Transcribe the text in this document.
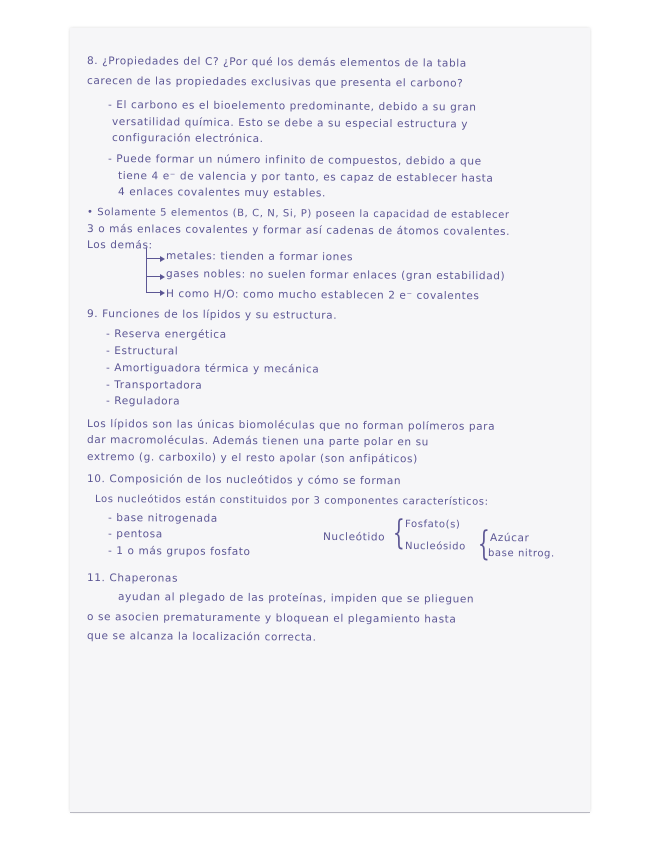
8. ¿Propiedades del C? ¿Por qué los demás elementos de la tabla
carecen de las propiedades exclusivas que presenta el carbono?
- El carbono es el bioelemento predominante, debido a su gran
versatilidad química. Esto se debe a su especial estructura y
configuración electrónica.
- Puede formar un número infinito de compuestos, debido a que
tiene 4 e⁻ de valencia y por tanto, es capaz de establecer hasta
4 enlaces covalentes muy estables.
• Solamente 5 elementos (B, C, N, Si, P) poseen la capacidad de establecer
3 o más enlaces covalentes y formar así cadenas de átomos covalentes.
Los demás:
metales: tienden a formar iones
gases nobles: no suelen formar enlaces (gran estabilidad)
H como H/O: como mucho establecen 2 e⁻ covalentes
9. Funciones de los lípidos y su estructura.
- Reserva energética
- Estructural
- Amortiguadora térmica y mecánica
- Transportadora
- Reguladora
Los lípidos son las únicas biomoléculas que no forman polímeros para
dar macromoléculas. Además tienen una parte polar en su
extremo (g. carboxilo) y el resto apolar (son anfipáticos)
10. Composición de los nucleótidos y cómo se forman
Los nucleótidos están constituidos por 3 componentes característicos:
- base nitrogenada
- pentosa
- 1 o más grupos fosfato
Nucleótido { Fosfato(s)
Nucleósido { Azúcar
base nitrog.
11. Chaperonas
ayudan al plegado de las proteínas, impiden que se plieguen
o se asocien prematuramente y bloquean el plegamiento hasta
que se alcanza la localización correcta.
